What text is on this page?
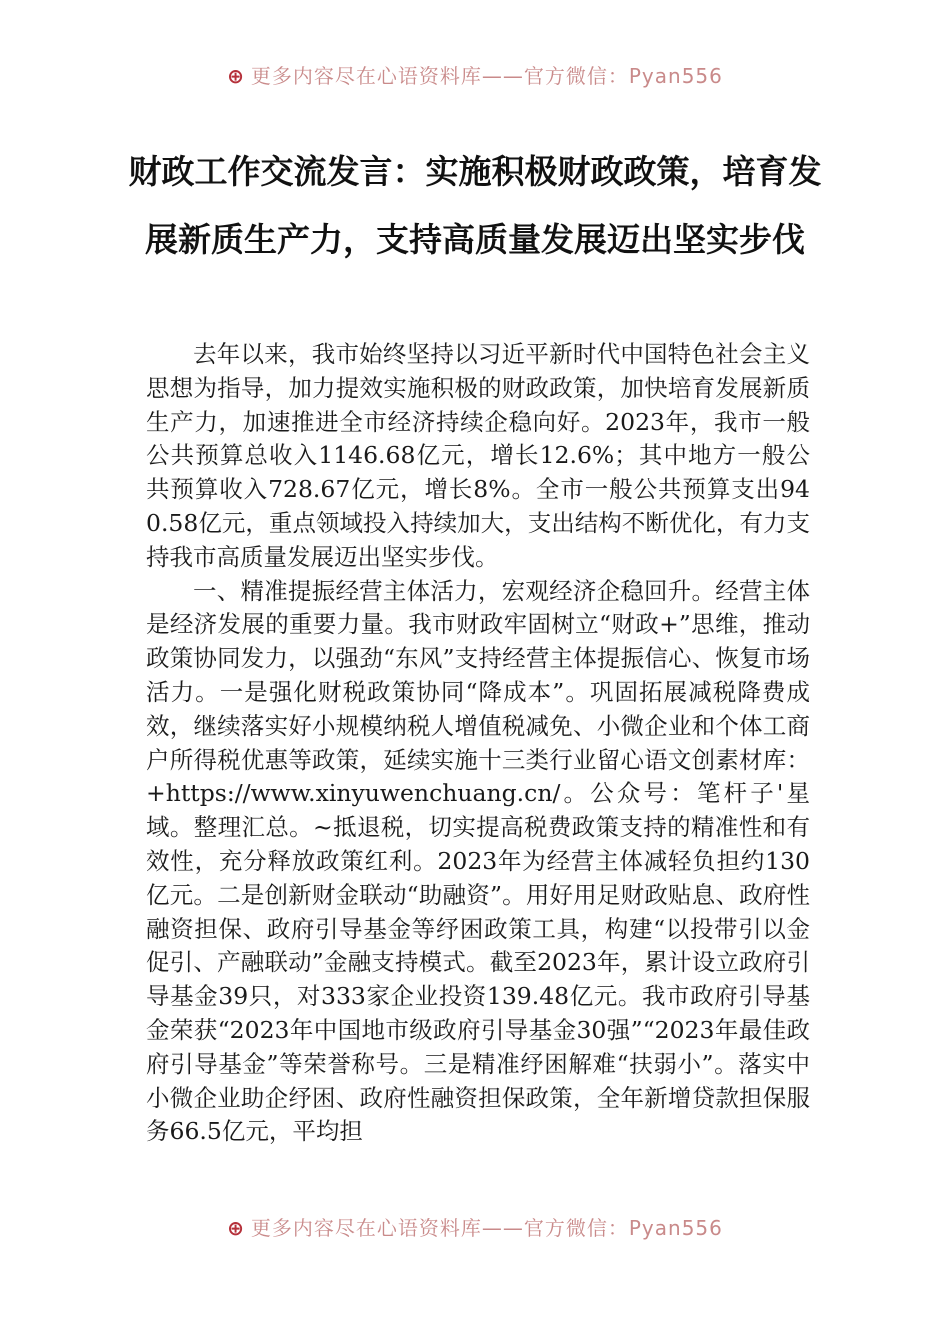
⊕ 更多内容尽在心语资料库——官方微信：Pyan556
财政工作交流发言：实施积极财政政策，培育发展新质生产力，支持高质量发展迈出坚实步伐

去年以来，我市始终坚持以习近平新时代中国特色社会主义思想为指导，加力提效实施积极的财政政策，加快培育发展新质生产力，加速推进全市经济持续企稳向好。2023年，我市一般公共预算总收入1146.68亿元，增长12.6%；其中地方一般公共预算收入728.67亿元，增长8%。全市一般公共预算支出940.58亿元，重点领域投入持续加大，支出结构不断优化，有力支持我市高质量发展迈出坚实步伐。

一、精准提振经营主体活力，宏观经济企稳回升。经营主体是经济发展的重要力量。我市财政牢固树立“财政+”思维，推动政策协同发力，以强劲“东风”支持经营主体提振信心、恢复市场活力。一是强化财税政策协同“降成本”。巩固拓展减税降费成效，继续落实好小规模纳税人增值税减免、小微企业和个体工商户所得税优惠等政策，延续实施十三类行业留心语文创素材库：+https://www.xinyuwenchuang.cn/。公众号：笔杆子'星域。整理汇总。~抵退税，切实提高税费政策支持的精准性和有效性，充分释放政策红利。2023年为经营主体减轻负担约130亿元。二是创新财金联动“助融资”。用好用足财政贴息、政府性融资担保、政府引导基金等纾困政策工具，构建“以投带引以金促引、产融联动”金融支持模式。截至2023年，累计设立政府引导基金39只，对333家企业投资139.48亿元。我市政府引导基金荣获“2023年中国地市级政府引导基金30强”“2023年最佳政府引导基金”等荣誉称号。三是精准纾困解难“扶弱小”。落实中小微企业助企纾困、政府性融资担保政策，全年新增贷款担保服务66.5亿元，平均担

⊕ 更多内容尽在心语资料库——官方微信：Pyan556
